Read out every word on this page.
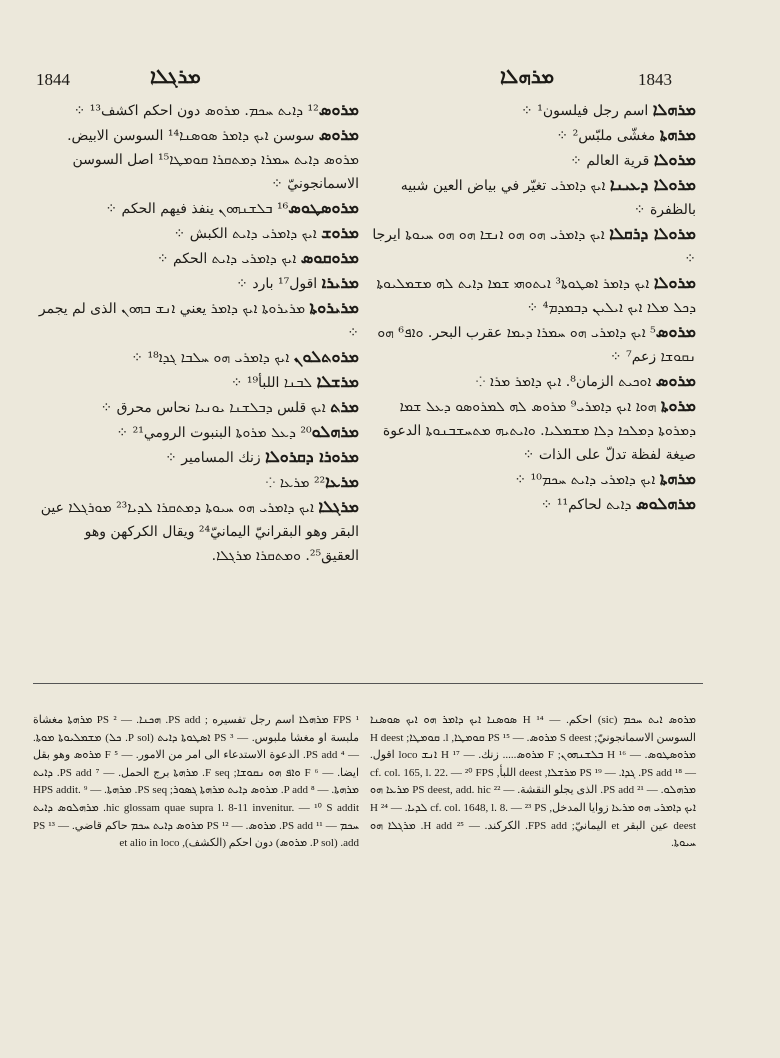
1844	ܡܪܓܠܐ	ܡܪܗܠܐ	1843

ܡܪܗܠܐ اسم رجل فيلسون¹ ⁘

ܡܪܗܬܐ مغشّى ملبّس² ⁘

ܡܪܘܠܐ قرية العالم ⁘

ܡܪܘܠܐ ܕܥܝܢܐ ܐܝܟ ܕܐܡܪܝ تغيّر في بياض العين شبيه بالظفرة ⁘

ܡܪܘܠܐ ܕܪܩܠܐ ܐܝܟ ܕܐܡܪܝ ܗܘ ܗܘ ܐܢܫܐ ܗܘ ܗܘ ܚܝܘܬܐ ايرجا ⁘

ܡܪܘܠܐ ܐܝܟ ܕܐܡܪ ܐܣܛܘܬܐ³ ܐܝܬܘܗܝ ܫܡܐ ܕܐܝܬ ܠܗ ܡܫܡܠܝܘܬܐ ܕܟܠ ܡܠܐ ܐܝܟ ܐܝܠܝܢ ܕܒܡܕܡ⁴ ⁘

ܡܪܘܣ⁵ ܐܝܟ ܕܐܡܪܝ ܗܘ ܚܡܪܐ ܕܝܡܐ عقرب البحر. ܘܐܦ⁶ ܗܘ ܢܩܘܫܐ زعم⁷ ⁘

ܡܪܘܣ ܐܘܟܝܬ الزمان⁸. ܐܝܟ ܕܐܡܪ ܡܪܐ ⁘

ܡܪܘܬܐ ܗܘܐ ܐܝܟ ܕܐܡܪܝ⁹ ܡܪܘܣ ܠܗ ܠܡܪܘܣܘ ܕܥܠ ܫܡܐ ܕܡܪܘܬܐ ܕܡܠܟܐ ܕܠܐ ܡܫܡܠܝܐ. ܘܐܝܬܝܗ ܡܬܚܫܒܢܘܬܐ الدعوة صيغة لفظة تدلّ على الذات ⁘

ܡܪܗܬܐ ܐܝܟ ܕܐܡܪܝ ܕܐܝܬ ܚܟܡ¹⁰ ⁘

ܡܪܗܠܘܣ ܕܐܝܬ لحاكم¹¹ ⁘

ܡܪܘܣ¹² ܕܐܝܬ ܚܟܡ. ܡܪܘܣ دون احكم اكشف¹³ ⁘

ܡܪܘܣ سوسن ܐܝܟ ܕܐܡܪ ܣܘܣܢܐ¹⁴ السوسن الابيض. ܡܪܘܣ ܕܐܝܬ ܚܡܪܐ ܕܡܬܩܪܐ ܩܘܡܛܐ¹⁵ اصل السوسن الاسمانجونيّ ⁘

ܡܪܘܣܛܘܣ¹⁶ ܒܠܫܢܗܘܢ ينفذ فيهم الحكم ⁘

ܡܪܘܫ ܐܝܟ ܕܐܡܪܝ ܕܐܝܬ الكبش ⁘

ܡܪܘܩܘܣ ܐܝܟ ܕܐܡܪܝ ܕܐܝܬ الحكم ⁘

ܡܪܝܪܐ اقول¹⁷ بارد ⁘

ܡܪܝܪܘܬܐ ܡܪܝܪܘܬܐ ܐܝܟ ܕܐܡܪ يعني ܐܢܫ ܒܗܘܢ الذى لم يجمر ⁘

ܡܪܘܬܠܘܢ ܐܝܟ ܕܐܡܪܝ ܗܘ ܚܠܒܐ ܓܕܐ¹⁸ ⁘

ܡܪܫܠܐ ܠܒܢܐ اللبأ¹⁹ ⁘

ܡܪܬ ܐܝܟ قلس ܕܒܠܫܢܐ ܝܘܢܝܐ نحاس محرق ⁘

ܡܪܗܠܘ²⁰ ܕܥܠ ܡܪܘܬܐ البنبوت الرومي²¹ ⁘

ܡܪܘܪܐ ܕܩܪܘܠܐ زنك المسامير ⁘

ܡܪܥܐ²² ܡܪܥܐ ⁘

ܡܪܓܠܐ ܐܝܟ ܕܐܡܪܝ ܗܘ ܚܝܘܬܐ ܕܡܬܩܪܐ ܠܕܝܐ²³ ܡܘܪܓܠܐ عين البقر وهو البقرانيّ اليمانيّ²⁴ ويقال الكركهن وهو العقيق²⁵. ܘܡܬܩܪܐ ܡܪܓܠܐ.

¹ FPS ܡܪܗܠܐ اسم رجل تفسيره ; PS add. ܗܟܢܐ. — ² PS ܡܪܗܬܐ مغشاة ملبسة او مغشا ملبوس. — ³ PS ܐܣܛܘܬܐ ܕܐܝܬ (P sol. ܟܠ) ܡܫܡܠܝܘܬܐ ܡܘܬܐ. — ⁴ PS add. الدعوة الاستدعاء الى امر من الامور. — ⁵ F ܡܪܘܣ وهو بقل ايضا. — ⁶ F ܘܐܦ ܗܘ ܢܩܘܫܐ; F seq. ܡܪܗܬܐ برج الحمل. — ⁷ PS add. ܕܐܝܬ ܡܪܗܬܐ. — ⁸ P add. ܡܪܘܣ ܕܐܝܬ ܡܪܗܬܐ ܓܣܘܪ; PS seq. ܡܪܗܬܐ. — ⁹ HPS addit. hic glossam quae supra l. 8-11 invenitur. — ¹⁰ S addit. ܡܪܗܠܘܣ ܕܐܝܬ ܚܟܡ — ¹¹ PS add. ܡܪܘܣ. — ¹² PS ܡܪܘܣ ܕܐܝܬ ܚܟܡ حاكم قاضي. — ¹³ PS add. (P sol. ܡܪܘܣ) دون احكم (الكشف), et alio in loco

ܡܪܘܣ ܐܝܬ ܚܟܡ (sic) احكم. — ¹⁴ H ܣܘܣܢܐ ܐܝܟ ܕܐܡܪ ܗܘ ܐܝܟ ܣܘܣܢܐ السوسن الاسمانجونيّ; S deest ܡܪܘܣ. — ¹⁵ PS ܩܘܡܛܐ, l. ܩܘܡܛܐ; H deest ܡܪܘܣܛܘܣ. — ¹⁶ H ܒܠܫܢܗܘܢ; F ܡܪܘܣ..... زنك. — ¹⁷ H ܐܢܫ loco اقول. — ¹⁸ PS add. ܓܕܐ. — ¹⁹ PS ܡܪܫܠܐ, deest اللبأ, cf. col. 165, l. 22. — ²⁰ FPS ܡܪܗܠܘ. — ²¹ PS add. الذى يجلو النقشة. — ²² PS deest, add. hic ܡܪܥܐ ܗܘ ܐܝܟ ܕܐܡܪܝ ܗܘ ܡܪܥܐ زوايا المدخل, cf. col. 1648, l. 8. — ²³ PS ܠܕܝܐ. — ²⁴ H deest عين البقر et اليمانيّ; FPS add. الكركند. — ²⁵ H add. ܡܪܓܠܐ ܗܘ ܚܝܘܬܐ.
